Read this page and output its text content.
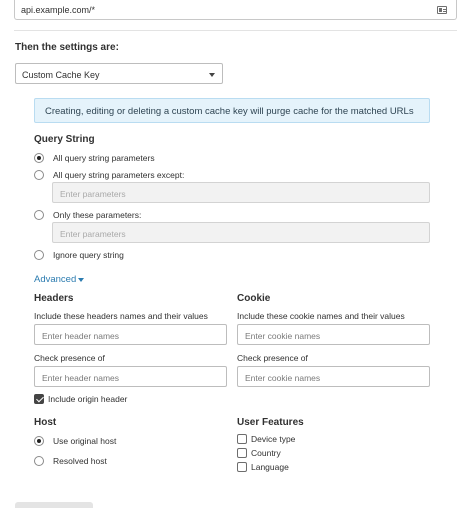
api.example.com/*
Then the settings are:
Custom Cache Key
Creating, editing or deleting a custom cache key will purge cache for the matched URLs
Query String
All query string parameters
All query string parameters except:
Enter parameters
Only these parameters:
Enter parameters
Ignore query string
Advanced
Headers
Include these headers names and their values
Enter header names
Check presence of
Enter header names
Include origin header
Cookie
Include these cookie names and their values
Enter cookie names
Check presence of
Enter cookie names
Host
Use original host
Resolved host
User Features
Device type
Country
Language
